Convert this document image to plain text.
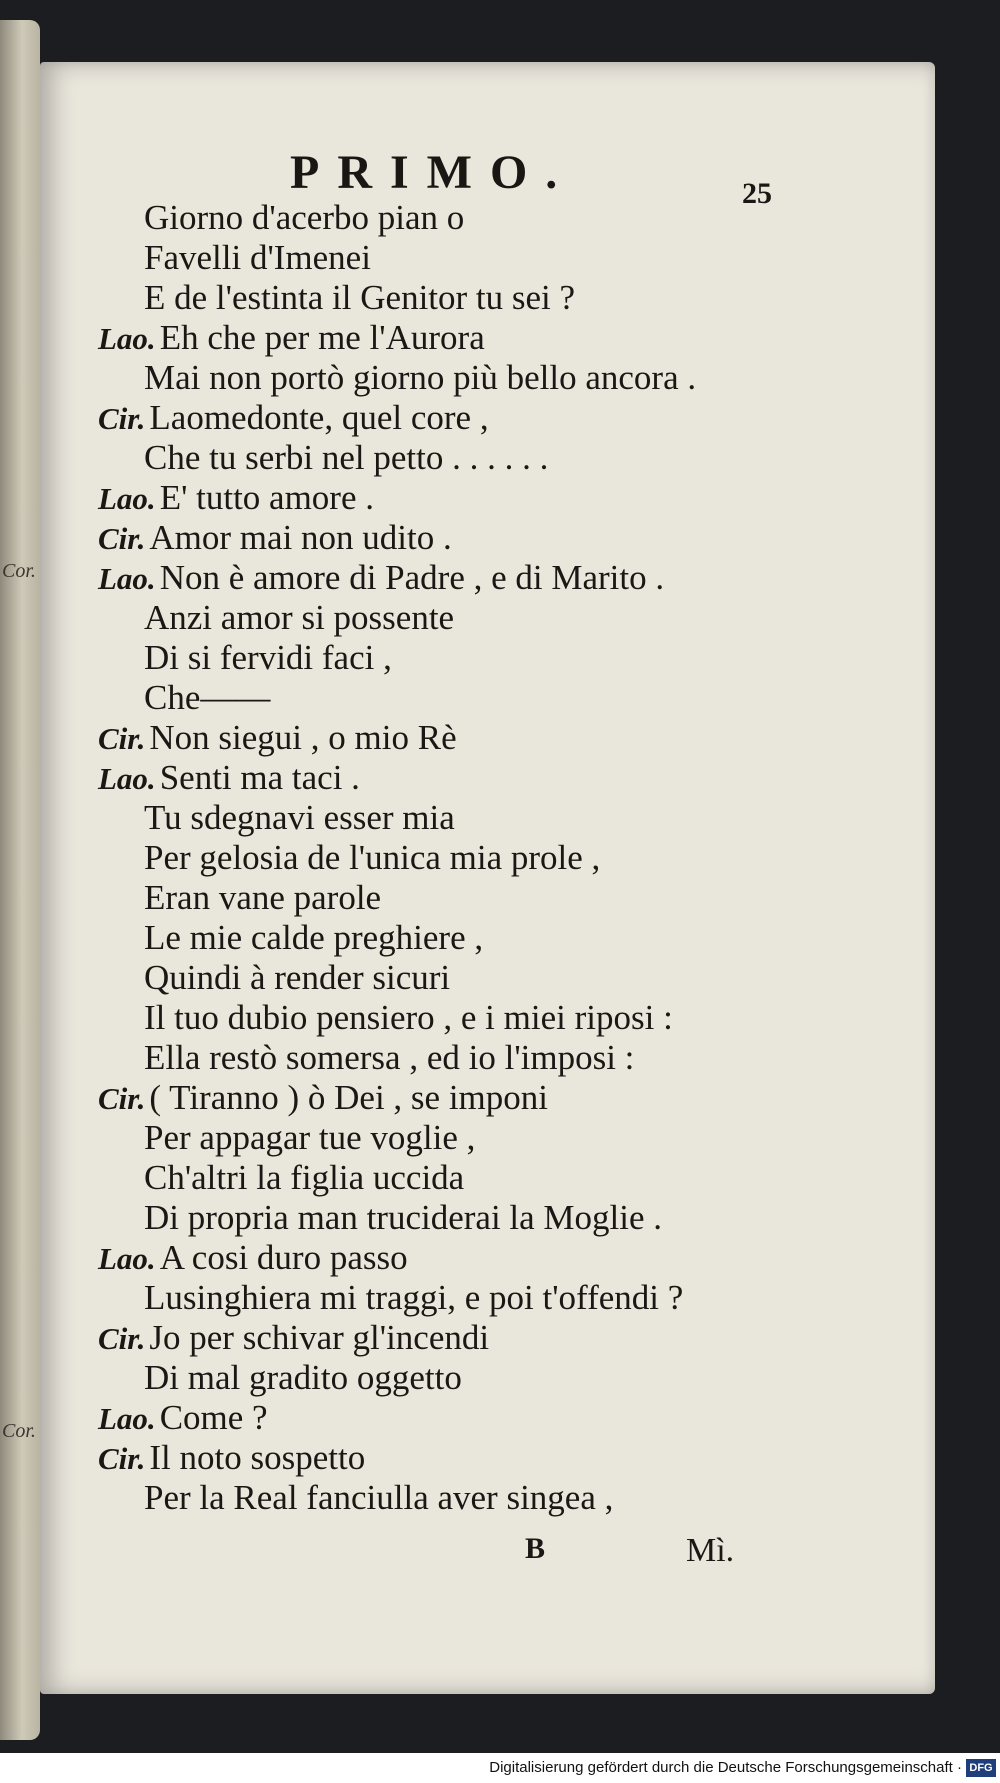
Cor.
Cor.
PRIMO.	25
Giorno d'acerbo pian o
Favelli d'Imenei
E de l'estinta il Genitor tu sei ?
Lao. Eh che per me l'Aurora
Mai non portò giorno più bello ancora .
Cir. Laomedonte, quel core ,
Che tu serbi nel petto . . . . . .
Lao. E' tutto amore .
Cir. Amor mai non udito .
Lao. Non è amore di Padre , e di Marito .
Anzi amor si possente
Di si fervidi faci ,
Che——
Cir. Non siegui , o mio Rè
Lao. Senti ma taci .
Tu sdegnavi esser mia
Per gelosia de l'unica mia prole ,
Eran vane parole
Le mie calde preghiere ,
Quindi à render sicuri
Il tuo dubio pensiero , e i miei riposi :
Ella restò somersa , ed io l'imposi :
Cir. ( Tiranno ) ò Dei , se imponi
Per appagar tue voglie ,
Ch'altri la figlia uccida
Di propria man truciderai la Moglie .
Lao. A cosi duro passo
Lusinghiera mi traggi, e poi t'offendi ?
Cir. Jo per schivar gl'incendi
Di mal gradito oggetto
Lao. Come ?
Cir. Il noto sospetto
Per la Real fanciulla aver singea ,
B	Mì.
Digitalisierung gefördert durch die Deutsche Forschungsgemeinschaft · DFG
